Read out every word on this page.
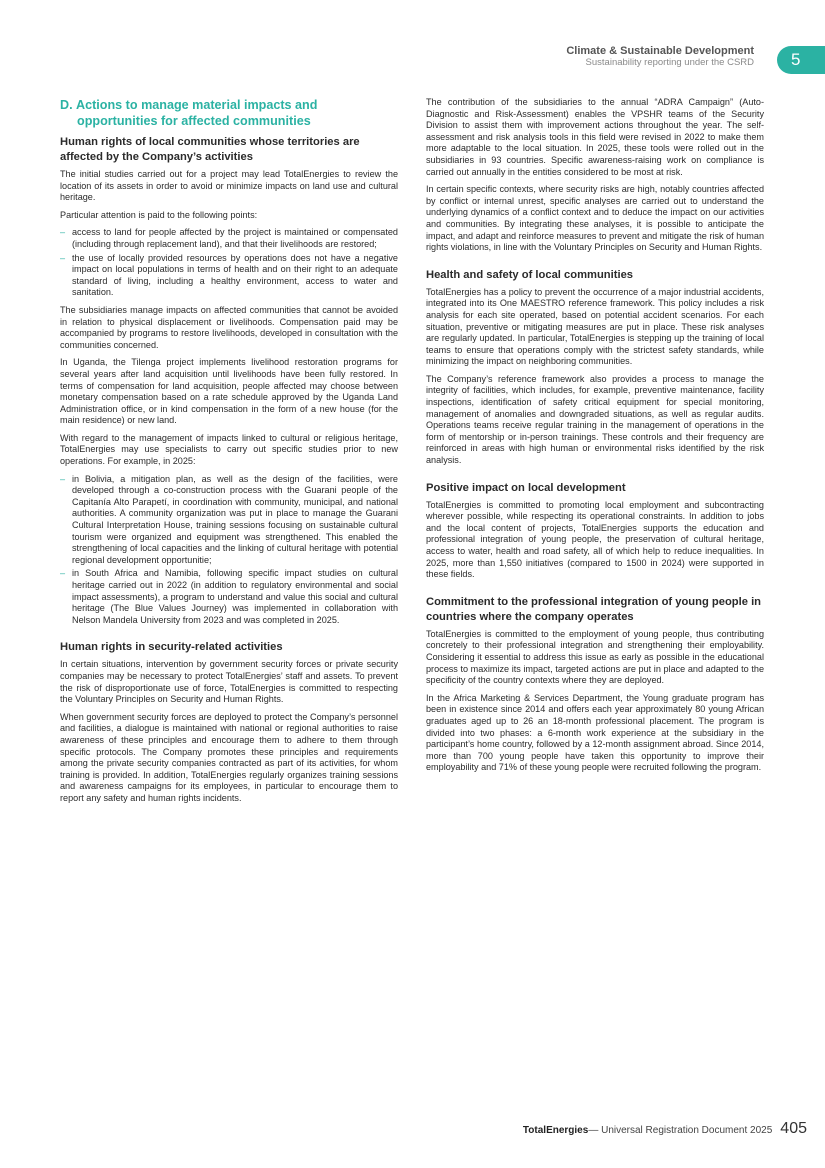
Climate & Sustainable Development
Sustainability reporting under the CSRD	5
D. Actions to manage material impacts and
opportunities for affected communities
Human rights of local communities whose territories are affected by the Company’s activities

The initial studies carried out for a project may lead TotalEnergies to review the location of its assets in order to avoid or minimize impacts on land use and cultural heritage.

Particular attention is paid to the following points:

– access to land for people affected by the project is maintained or compensated (including through replacement land), and that their livelihoods are restored;
– the use of locally provided resources by operations does not have a negative impact on local populations in terms of health and on their right to an adequate standard of living, including a healthy environment, access to water and sanitation.

The subsidiaries manage impacts on affected communities that cannot be avoided in relation to physical displacement or livelihoods. Compensation paid may be accompanied by programs to restore livelihoods, developed in consultation with the communities concerned.

In Uganda, the Tilenga project implements livelihood restoration programs for several years after land acquisition until livelihoods have been fully restored. In terms of compensation for land acquisition, people affected may choose between monetary compensation based on a rate schedule approved by the Uganda Land Administration office, or in kind compensation in the form of a new house (for the main residence) or new land.

With regard to the management of impacts linked to cultural or religious heritage, TotalEnergies may use specialists to carry out specific studies prior to new operations. For example, in 2025:

– in Bolivia, a mitigation plan, as well as the design of the facilities, were developed through a co-construction process with the Guarani people of the Capitanía Alto Parapetí, in coordination with community, municipal, and national authorities. A community organization was put in place to manage the Guarani Cultural Interpretation House, training sessions focusing on sustainable cultural tourism were organized and equipment was strengthened. This enabled the strengthening of local capacities and the linking of cultural heritage with potential regional development opportunitie;
– in South Africa and Namibia, following specific impact studies on cultural heritage carried out in 2022 (in addition to regulatory environmental and social impact assessments), a program to understand and value this social and cultural heritage (The Blue Values Journey) was implemented in collaboration with Nelson Mandela University from 2023 and was completed in 2025.
Human rights in security-related activities

In certain situations, intervention by government security forces or private security companies may be necessary to protect TotalEnergies’ staff and assets. To prevent the risk of disproportionate use of force, TotalEnergies is committed to respecting the Voluntary Principles on Security and Human Rights.

When government security forces are deployed to protect the Company’s personnel and facilities, a dialogue is maintained with national or regional authorities to raise awareness of these principles and encourage them to adhere to them through specific protocols. The Company promotes these principles and requirements among the private security companies contracted as part of its activities, for whom training is provided. In addition, TotalEnergies regularly organizes training sessions and awareness campaigns for its employees, in particular to encourage them to report any safety and human rights incidents.

The contribution of the subsidiaries to the annual “ADRA Campaign” (Auto-Diagnostic and Risk-Assessment) enables the VPSHR teams of the Security Division to assist them with improvement actions throughout the year. The self-assessment and risk analysis tools in this field were revised in 2022 to make them more adaptable to the local situation. In 2025, these tools were rolled out in the subsidiaries in 93 countries. Specific awareness-raising work on compliance is carried out annually in the entities considered to be most at risk.

In certain specific contexts, where security risks are high, notably countries affected by conflict or internal unrest, specific analyses are carried out to understand the underlying dynamics of a conflict context and to deduce the impact on our activities and communities. By integrating these analyses, it is possible to anticipate the impact, and adapt and reinforce measures to prevent and mitigate the risk of human rights violations, in line with the Voluntary Principles on Security and Human Rights.

Health and safety of local communities

TotalEnergies has a policy to prevent the occurrence of a major industrial accidents, integrated into its One MAESTRO reference framework. This policy includes a risk analysis for each site operated, based on potential accident scenarios. For each situation, preventive or mitigating measures are put in place. These risk analyses are regularly updated. In particular, TotalEnergies is stepping up the training of local teams to ensure that operations comply with the strictest safety standards, while minimizing the impact on neighboring communities.

The Company’s reference framework also provides a process to manage the integrity of facilities, which includes, for example, preventive maintenance, facility inspections, identification of safety critical equipment for special monitoring, management of anomalies and downgraded situations, as well as regular audits. Operations teams receive regular training in the management of operations in the form of mentorship or in-person trainings. These controls and their frequency are reinforced in areas with high human or environmental risks identified by the risk analysis.

Positive impact on local development

TotalEnergies is committed to promoting local employment and subcontracting wherever possible, while respecting its operational constraints. In addition to jobs and the local content of projects, TotalEnergies supports the education and professional integration of young people, the preservation of cultural heritage, access to water, health and road safety, all of which help to reduce inequalities. In 2025, more than 1,550 initiatives (compared to 1500 in 2024) were supported in these fields.

Commitment to the professional integration of young people in countries where the company operates

TotalEnergies is committed to the employment of young people, thus contributing concretely to their professional integration and strengthening their employability. Considering it essential to address this issue as early as possible in the educational process to maximize its impact, targeted actions are put in place and adapted to the specificity of the country contexts where they are deployed.

In the Africa Marketing & Services Department, the Young graduate program has been in existence since 2014 and offers each year approximately 80 young African graduates aged up to 26 an 18-month professional placement. The program is divided into two phases: a 6-month work experience at the subsidiary in the participant’s home country, followed by a 12-month assignment abroad. Since 2014, more than 700 young people have taken this opportunity to improve their employability and 71% of these young people were recruited following the program.

TotalEnergies — Universal Registration Document 2025 405
